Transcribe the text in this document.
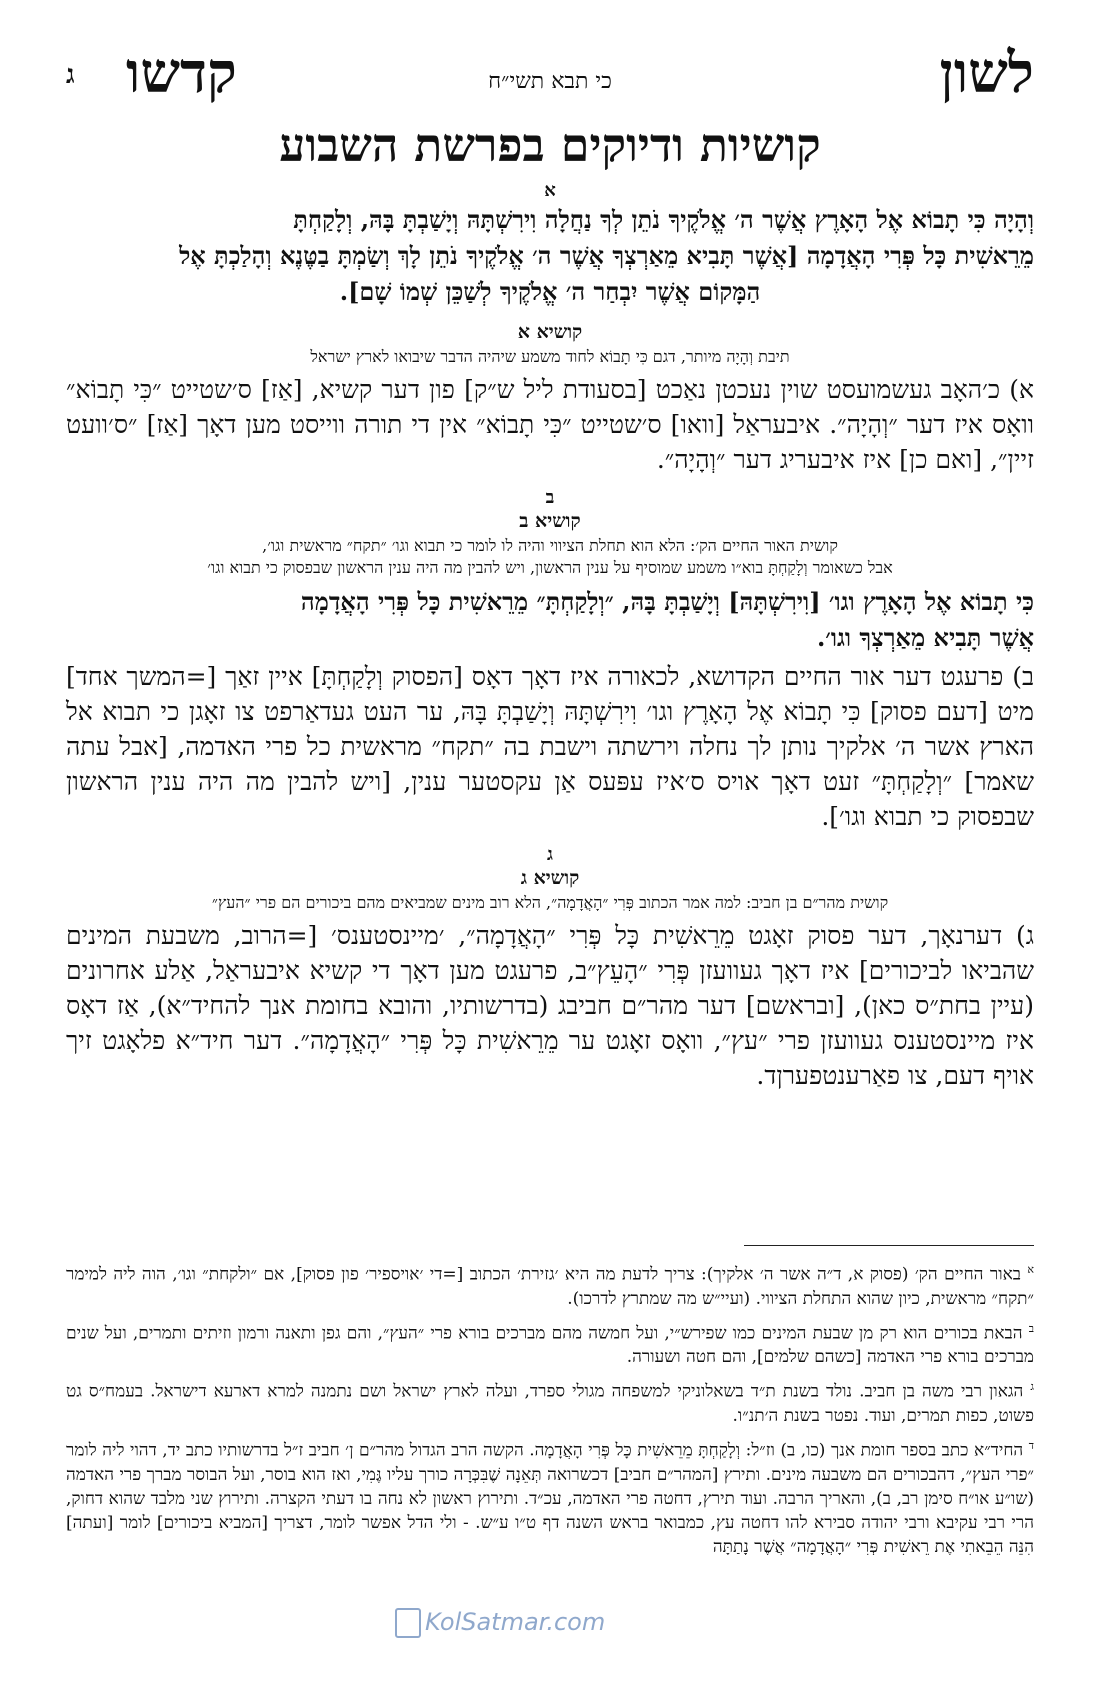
לשון
כי תבא תשי״ח
קדשו
ג
קושיות ודיוקים בפרשת השבוע

א

וְהָיָה כִּי תָבוֹא אֶל הָאָרֶץ אֲשֶׁר ה׳ אֱלֹקֶיךָ נֹתֵן לְךָ נַחֲלָה וִירִשְׁתָּהּ וְיָשַׁבְתָּ בָּהּ, וְלָקַחְתָּ

מֵרֵאשִׁית כָּל פְּרִי הָאֲדָמָה [אֲשֶׁר תָּבִיא מֵאַרְצְךָ אֲשֶׁר ה׳ אֱלֹקֶיךָ נֹתֵן לָךְ וְשַׂמְתָּ בַטֶּנֶא וְהָלַכְתָּ אֶל

הַמָּקוֹם אֲשֶׁר יִבְחַר ה׳ אֱלֹקֶיךָ לְשַׁכֵּן שְׁמוֹ שָׁם].

קושיא א

תיבת וְהָיָה מיותר, דגם כִּי תָבוֹא לחוד משמע שיהיה הדבר שיבואו לארץ ישראל

א) כ׳האָב געשמועסט שוין נעכטן נאַכט [בסעודת ליל ש״ק] פון דער קשיא, [אַז] ס׳שטייט ״כִּי תָבוֹא״ וואָס איז דער ״וְהָיָה״. איבעראַל [וואו] ס׳שטייט ״כִּי תָבוֹא״ אין די תורה ווייסט מען דאָך [אַז] ״ס׳וועט זיין״, [ואם כן] איז איבעריג דער ״וְהָיָה״.

ב

קושיא ב

קושית האור החיים הק׳: הלא הוא תחלת הציווי והיה לו לומר כי תבוא וגו׳ ״תקח״ מראשית וגו׳,

אבל כשאומר וְלָקַחְתָּ בוא״ו משמע שמוסיף על ענין הראשון, ויש להבין מה היה ענין הראשון שבפסוק כי תבוא וגו׳

כִּי תָבוֹא אֶל הָאָרֶץ וגו׳ [וִירִשְׁתָּהּ] וְיָשַׁבְתָּ בָּהּ, ״וְלָקַחְתָּ״ מֵרֵאשִׁית כָּל פְּרִי הָאֲדָמָה

אֲשֶׁר תָּבִיא מֵאַרְצְךָ וגו׳.

ב) פרעגט דער אור החיים הקדושא, לכאורה איז דאָך דאָס [הפסוק וְלָקַחְתָּ] איין זאַך [=המשך אחד] מיט [דעם פסוק] כִּי תָבוֹא אֶל הָאָרֶץ וגו׳ וִירִשְׁתָּהּ וְיָשַׁבְתָּ בָּהּ, ער העט געדאַרפט צו זאָגן כי תבוא אל הארץ אשר ה׳ אלקיך נותן לך נחלה וירשתה וישבת בה ״תקח״ מראשית כל פרי האדמה, [אבל עתה שאמר] ״וְלָקַחְתָּ״ זעט דאָך אויס ס׳איז עפּעס אַן עקסטער ענין, [ויש להבין מה היה ענין הראשון שבפסוק כי תבוא וגו׳].

ג

קושיא ג

קושית מהר״ם בן חביב: למה אמר הכתוב פְּרִי ״הָאֲדָמָה״, הלא רוב מינים שמביאים מהם ביכורים הם פרי ״העץ״

ג) דערנאָך, דער פסוק זאָגט מֵרֵאשִׁית כָּל פְּרִי ״הָאֲדָמָה״, ׳מיינסטענס׳ [=הרוב, משבעת המינים שהביאו לביכורים] איז דאָך געוועזן פְּרִי ״הָעֵץ״ב, פרעגט מען דאָך די קשיא איבעראַל, אַלע אחרונים (עיין בחת״ס כאן), [ובראשם] דער מהר״ם חביבג (בדרשותיו, והובא בחומת אנך להחיד״א), אַז דאָס איז מיינסטענס געוועזן פרי ״עץ״, וואָס זאָגט ער מֵרֵאשִׁית כָּל פְּרִי ״הָאֲדָמָה״. דער חיד״א פלאָגט זיך אויף דעם, צו פאַרענטפערןד.

$^א$ באור החיים הק׳ (פסוק א, ד״ה אשר ה׳ אלקיך): צריך לדעת מה היא ׳גזירת׳ הכתוב [=די ׳אויספיר׳ פון פסוק], אם ״ולקחת״ וגו׳, הוה ליה למימר ״תקח״ מראשית, כיון שהוא התחלת הציווי. (ועיי״ש מה שמתרץ לדרכו).

$^ב$ הבאת בכורים הוא רק מן שבעת המינים כמו שפירש״י, ועל חמשה מהם מברכים בורא פרי ״העץ״, והם גפן ותאנה ורמון וזיתים ותמרים, ועל שנים מברכים בורא פרי האדמה [כשהם שלמים], והם חטה ושעורה.

$^ג$ הגאון רבי משה בן חביב. נולד בשנת ת״ד בשאלוניקי למשפחה מגולי ספרד, ועלה לארץ ישראל ושם נתמנה למרא דארעא דישראל. בעמח״ס גט פשוט, כפות תמרים, ועוד. נפטר בשנת ה׳תנ״ו.

$^ד$ החיד״א כתב בספר חומת אנך (כו, ב) וז״ל: וְלָקַחְתָּ מֵרֵאשִׁית כָּל פְּרִי הָאֲדָמָה. הקשה הרב הגדול מהר״ם ן׳ חביב ז״ל בדרשותיו כתב יד, דהוי ליה לומר ״פרי העץ״, דהבכורים הם משבעה מינים. ותירץ [המהר״ם חביב] דכשרואה תְּאֵנָה שֶׁבִּכְּרָה כורך עליו גֶּמִי, ואז הוא בוסר, ועל הבוסר מברך פרי האדמה (שו״ע או״ח סימן רב, ב), והאריך הרבה. ועוד תירץ, דחטה פרי האדמה, עכ״ד. ותירוץ ראשון לא נחה בו דעתי הקצרה. ותירוץ שני מלבד שהוא דחוק, הרי רבי עקיבא ורבי יהודה סבירא להו דחטה עץ, כמבואר בראש השנה דף ט״ו ע״ש. - ולי הדל אפשר לומר, דצריך [המביא ביכורים] לומר [ועתה] הִנֵּה הֵבֵאתִי אֶת רֵאשִׁית פְּרִי ״הָאֲדָמָה״ אֲשֶׁר נָתַתָּה

KolSatmar.com
